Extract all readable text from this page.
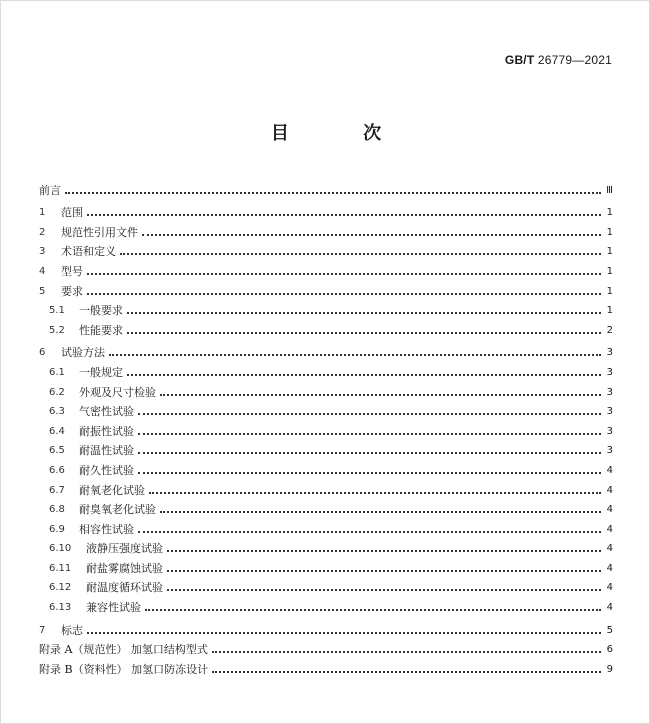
GB/T 26779—2021
目 次
前言	Ⅲ
1	范围	1
2	规范性引用文件	1
3	术语和定义	1
4	型号	1
5	要求	1
5.1	一般要求	1
5.2	性能要求	2
6	试验方法	3
6.1	一般规定	3
6.2	外观及尺寸检验	3
6.3	气密性试验	3
6.4	耐振性试验	3
6.5	耐温性试验	3
6.6	耐久性试验	4
6.7	耐氧老化试验	4
6.8	耐臭氧老化试验	4
6.9	相容性试验	4
6.10	液静压强度试验	4
6.11	耐盐雾腐蚀试验	4
6.12	耐温度循环试验	4
6.13	兼容性试验	4
7	标志	5
附录 A（规范性） 加氢口结构型式	6
附录 B（资料性） 加氢口防冻设计	9
